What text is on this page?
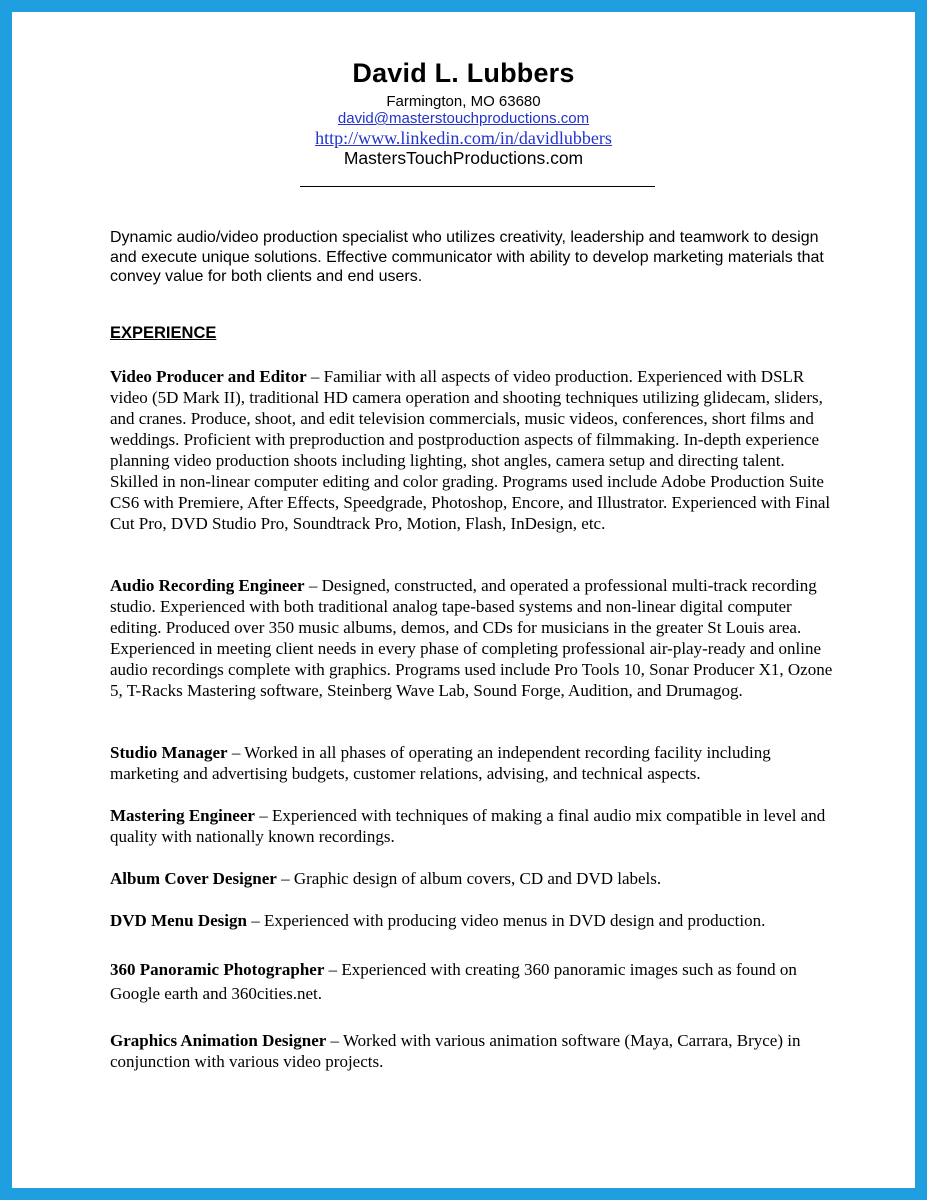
David L. Lubbers
Farmington, MO 63680
david@masterstouchproductions.com
http://www.linkedin.com/in/davidlubbers
MastersTouchProductions.com
Dynamic audio/video production specialist who utilizes creativity, leadership and teamwork to design and execute unique solutions. Effective communicator with ability to develop marketing materials that convey value for both clients and end users.
EXPERIENCE
Video Producer and Editor – Familiar with all aspects of video production. Experienced with DSLR video (5D Mark II), traditional HD camera operation and shooting techniques utilizing glidecam, sliders, and cranes. Produce, shoot, and edit television commercials, music videos, conferences, short films and weddings. Proficient with preproduction and postproduction aspects of filmmaking. In-depth experience planning video production shoots including lighting, shot angles, camera setup and directing talent. Skilled in non-linear computer editing and color grading. Programs used include Adobe Production Suite CS6 with Premiere, After Effects, Speedgrade, Photoshop, Encore, and Illustrator. Experienced with Final Cut Pro, DVD Studio Pro, Soundtrack Pro, Motion, Flash, InDesign, etc.
Audio Recording Engineer – Designed, constructed, and operated a professional multi-track recording studio. Experienced with both traditional analog tape-based systems and non-linear digital computer editing. Produced over 350 music albums, demos, and CDs for musicians in the greater St Louis area. Experienced in meeting client needs in every phase of completing professional air-play-ready and online audio recordings complete with graphics. Programs used include Pro Tools 10, Sonar Producer X1, Ozone 5, T-Racks Mastering software, Steinberg Wave Lab, Sound Forge, Audition, and Drumagog.
Studio Manager – Worked in all phases of operating an independent recording facility including marketing and advertising budgets, customer relations, advising, and technical aspects.
Mastering Engineer – Experienced with techniques of making a final audio mix compatible in level and quality with nationally known recordings.
Album Cover Designer – Graphic design of album covers, CD and DVD labels.
DVD Menu Design – Experienced with producing video menus in DVD design and production.
360 Panoramic Photographer – Experienced with creating 360 panoramic images such as found on Google earth and 360cities.net.
Graphics Animation Designer – Worked with various animation software (Maya, Carrara, Bryce) in conjunction with various video projects.
